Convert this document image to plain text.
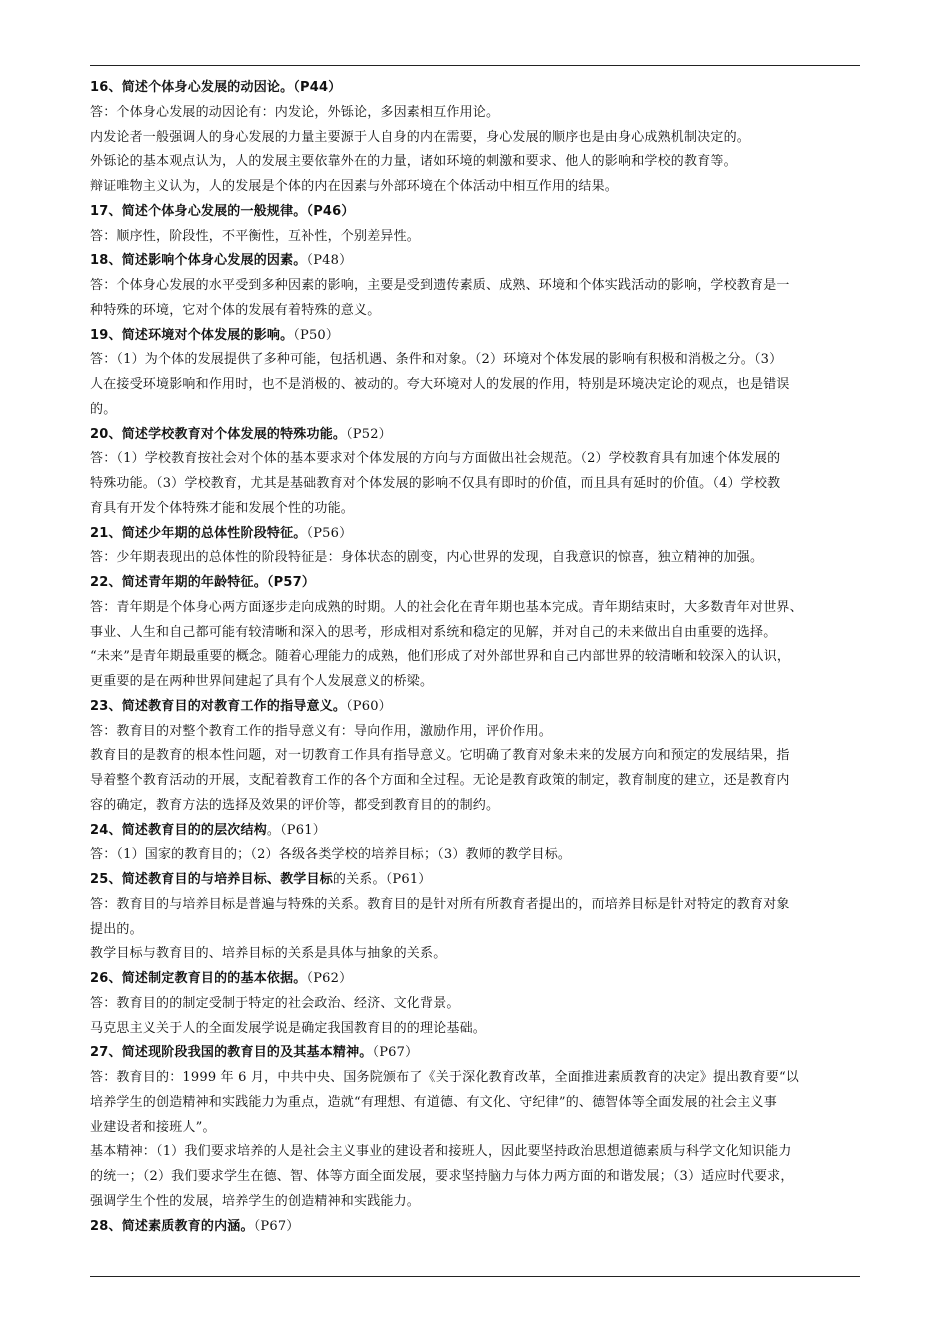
16、简述个体身心发展的动因论。（P44）
答：个体身心发展的动因论有：内发论，外铄论，多因素相互作用论。
内发论者一般强调人的身心发展的力量主要源于人自身的内在需要，身心发展的顺序也是由身心成熟机制决定的。
外铄论的基本观点认为，人的发展主要依靠外在的力量，诸如环境的刺激和要求、他人的影响和学校的教育等。
辩证唯物主义认为，人的发展是个体的内在因素与外部环境在个体活动中相互作用的结果。
17、简述个体身心发展的一般规律。（P46）
答：顺序性，阶段性，不平衡性，互补性，个别差异性。
18、简述影响个体身心发展的因素。（P48）
答：个体身心发展的水平受到多种因素的影响，主要是受到遗传素质、成熟、环境和个体实践活动的影响，学校教育是一
种特殊的环境，它对个体的发展有着特殊的意义。
19、简述环境对个体发展的影响。（P50）
答：（1）为个体的发展提供了多种可能，包括机遇、条件和对象。（2）环境对个体发展的影响有积极和消极之分。（3）
人在接受环境影响和作用时，也不是消极的、被动的。夸大环境对人的发展的作用，特别是环境决定论的观点，也是错误
的。
20、简述学校教育对个体发展的特殊功能。（P52）
答：（1）学校教育按社会对个体的基本要求对个体发展的方向与方面做出社会规范。（2）学校教育具有加速个体发展的
特殊功能。（3）学校教育，尤其是基础教育对个体发展的影响不仅具有即时的价值，而且具有延时的价值。（4）学校教
育具有开发个体特殊才能和发展个性的功能。
21、简述少年期的总体性阶段特征。（P56）
答：少年期表现出的总体性的阶段特征是：身体状态的剧变，内心世界的发现，自我意识的惊喜，独立精神的加强。
22、简述青年期的年龄特征。（P57）
答：青年期是个体身心两方面逐步走向成熟的时期。人的社会化在青年期也基本完成。青年期结束时，大多数青年对世界、
事业、人生和自己都可能有较清晰和深入的思考，形成相对系统和稳定的见解，并对自己的未来做出自由重要的选择。
“未来”是青年期最重要的概念。随着心理能力的成熟，他们形成了对外部世界和自己内部世界的较清晰和较深入的认识，
更重要的是在两种世界间建起了具有个人发展意义的桥梁。
23、简述教育目的对教育工作的指导意义。（P60）
答：教育目的对整个教育工作的指导意义有：导向作用，激励作用，评价作用。
教育目的是教育的根本性问题，对一切教育工作具有指导意义。它明确了教育对象未来的发展方向和预定的发展结果，指
导着整个教育活动的开展，支配着教育工作的各个方面和全过程。无论是教育政策的制定，教育制度的建立，还是教育内
容的确定，教育方法的选择及效果的评价等，都受到教育目的的制约。
24、简述教育目的的层次结构。（P61）
答：（1）国家的教育目的；（2）各级各类学校的培养目标；（3）教师的教学目标。
25、简述教育目的与培养目标、教学目标的关系。（P61）
答：教育目的与培养目标是普遍与特殊的关系。教育目的是针对所有所教育者提出的，而培养目标是针对特定的教育对象
提出的。
教学目标与教育目的、培养目标的关系是具体与抽象的关系。
26、简述制定教育目的的基本依据。（P62）
答：教育目的的制定受制于特定的社会政治、经济、文化背景。
马克思主义关于人的全面发展学说是确定我国教育目的的理论基础。
27、简述现阶段我国的教育目的及其基本精神。（P67）
答：教育目的：1999 年 6 月，中共中央、国务院颁布了《关于深化教育改革，全面推进素质教育的决定》提出教育要“以
培养学生的创造精神和实践能力为重点，造就“有理想、有道德、有文化、守纪律”的、德智体等全面发展的社会主义事
业建设者和接班人”。
基本精神：（1）我们要求培养的人是社会主义事业的建设者和接班人，因此要坚持政治思想道德素质与科学文化知识能力
的统一；（2）我们要求学生在德、智、体等方面全面发展，要求坚持脑力与体力两方面的和谐发展；（3）适应时代要求，
强调学生个性的发展，培养学生的创造精神和实践能力。
28、简述素质教育的内涵。（P67）
